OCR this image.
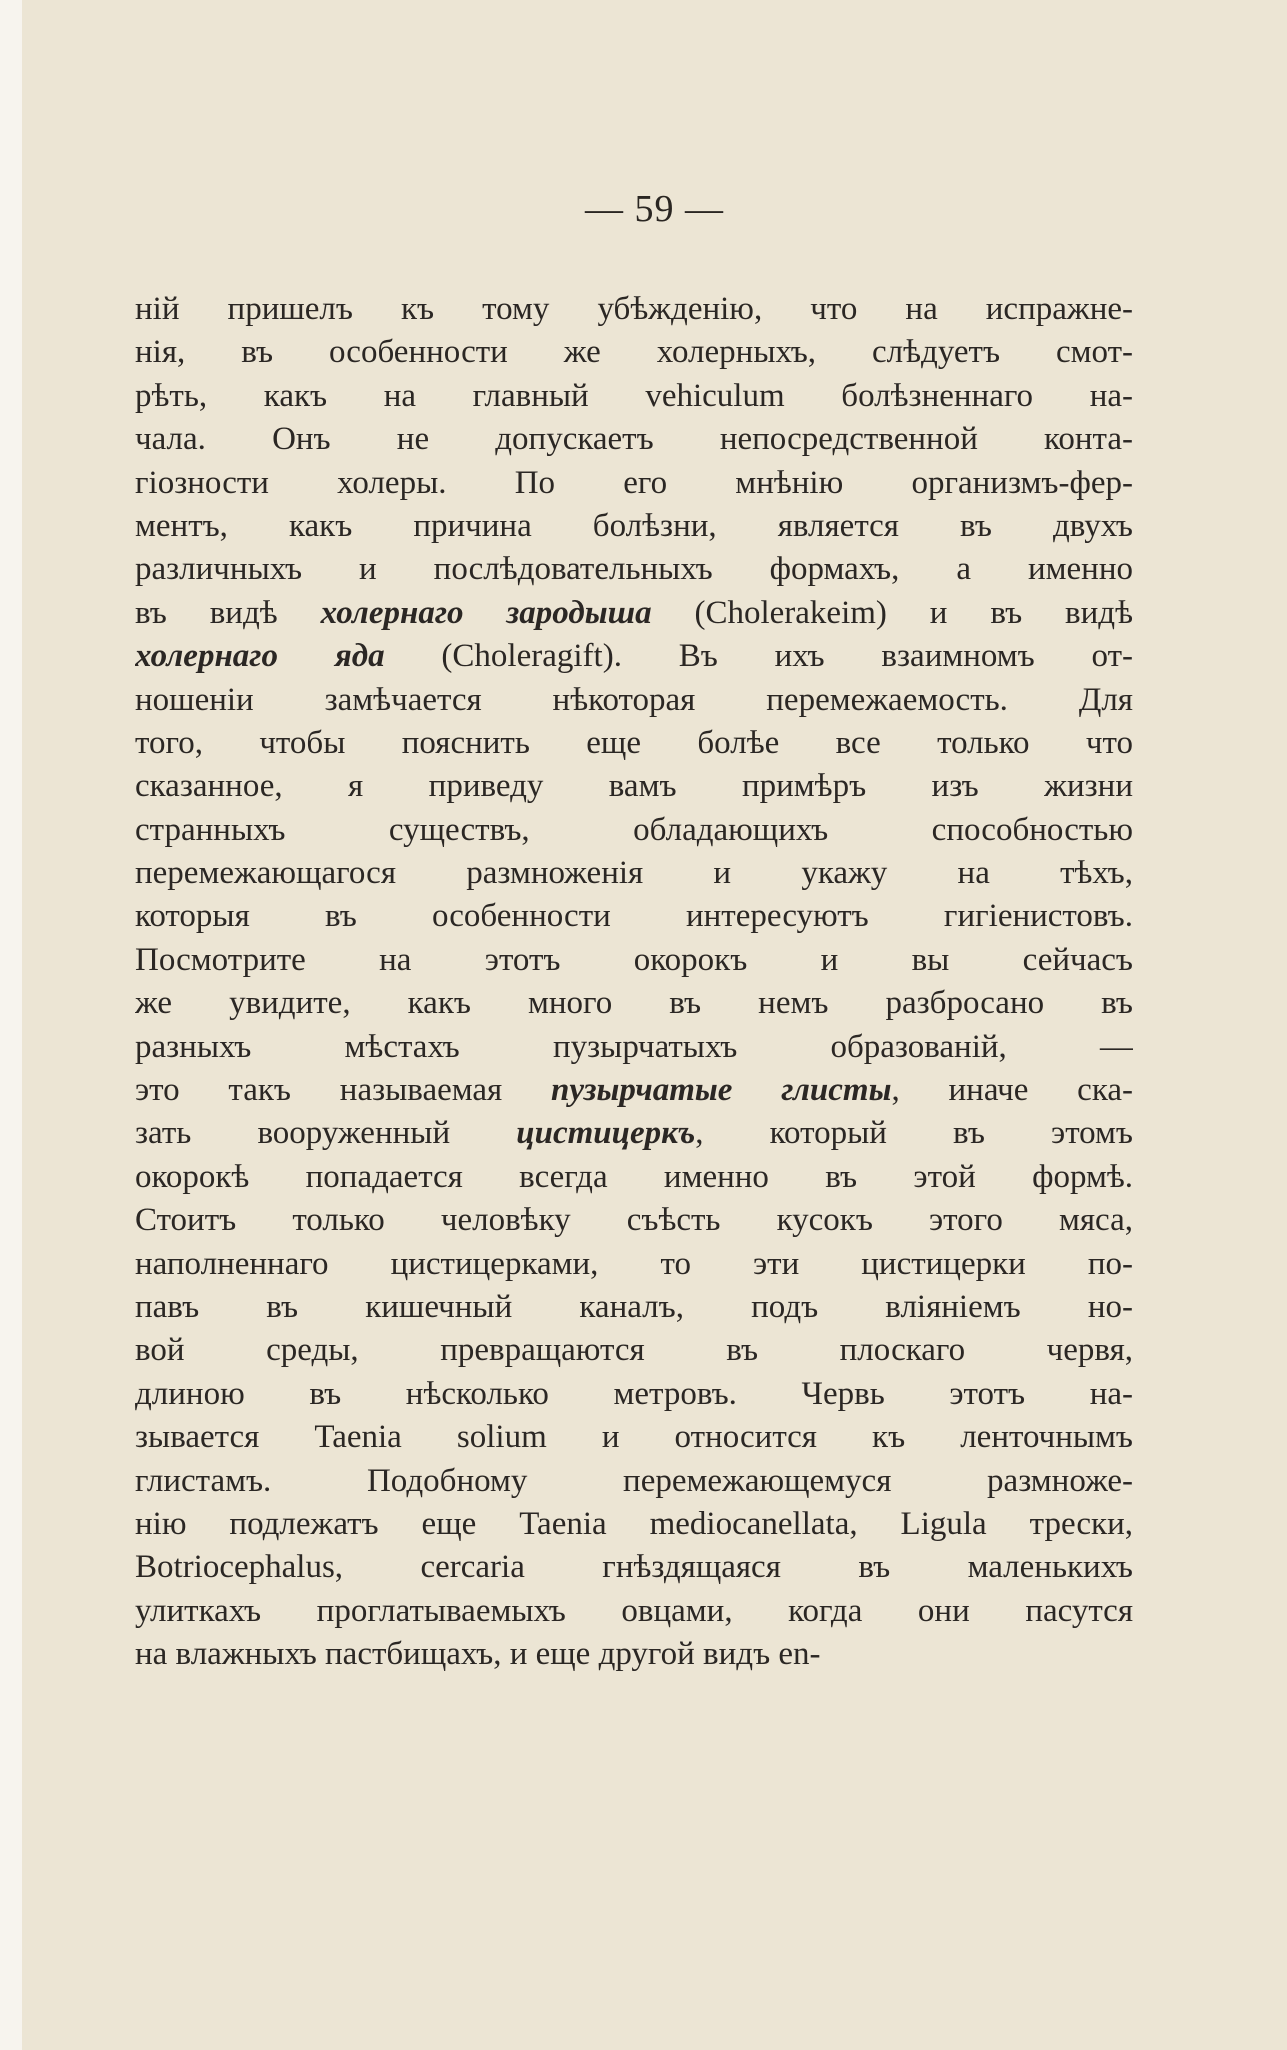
— 59 —
ній пришелъ къ тому убѣжденію, что на испражне-
нія, въ особенности же холерныхъ, слѣдуетъ смот-
рѣть, какъ на главный vehiculum болѣзненнаго на-
чала. Онъ не допускаетъ непосредственной конта-
гіозности холеры. По его мнѣнію организмъ-фер-
ментъ, какъ причина болѣзни, является въ двухъ
различныхъ и послѣдовательныхъ формахъ, а именно
въ видѣ холернаго зародыша (Cholerakeim) и въ видѣ
холернаго яда (Choleragift). Въ ихъ взаимномъ от-
ношеніи замѣчается нѣкоторая перемежаемость. Для
того, чтобы пояснить еще болѣе все только что
сказанное, я приведу вамъ примѣръ изъ жизни
странныхъ существъ, обладающихъ способностью
перемежающагося размноженія и укажу на тѣхъ,
которыя въ особенности интересуютъ гигіенистовъ.
Посмотрите на этотъ окорокъ и вы сейчасъ
же увидите, какъ много въ немъ разбросано въ
разныхъ мѣстахъ пузырчатыхъ образованій, —
это такъ называемая пузырчатые глисты, иначе ска-
зать вооруженный цистицеркъ, который въ этомъ
окорокѣ попадается всегда именно въ этой формѣ.
Стоитъ только человѣку съѣсть кусокъ этого мяса,
наполненнаго цистицерками, то эти цистицерки по-
павъ въ кишечный каналъ, подъ вліяніемъ но-
вой среды, превращаются въ плоскаго червя,
длиною въ нѣсколько метровъ. Червь этотъ на-
зывается Taenia solium и относится къ ленточнымъ
глистамъ. Подобному перемежающемуся размноже-
нію подлежатъ еще Taenia mediocanellata, Ligula трески,
Botriocephalus, cercaria гнѣздящаяся въ маленькихъ
улиткахъ проглатываемыхъ овцами, когда они пасутся
на влажныхъ пастбищахъ, и еще другой видъ en-
